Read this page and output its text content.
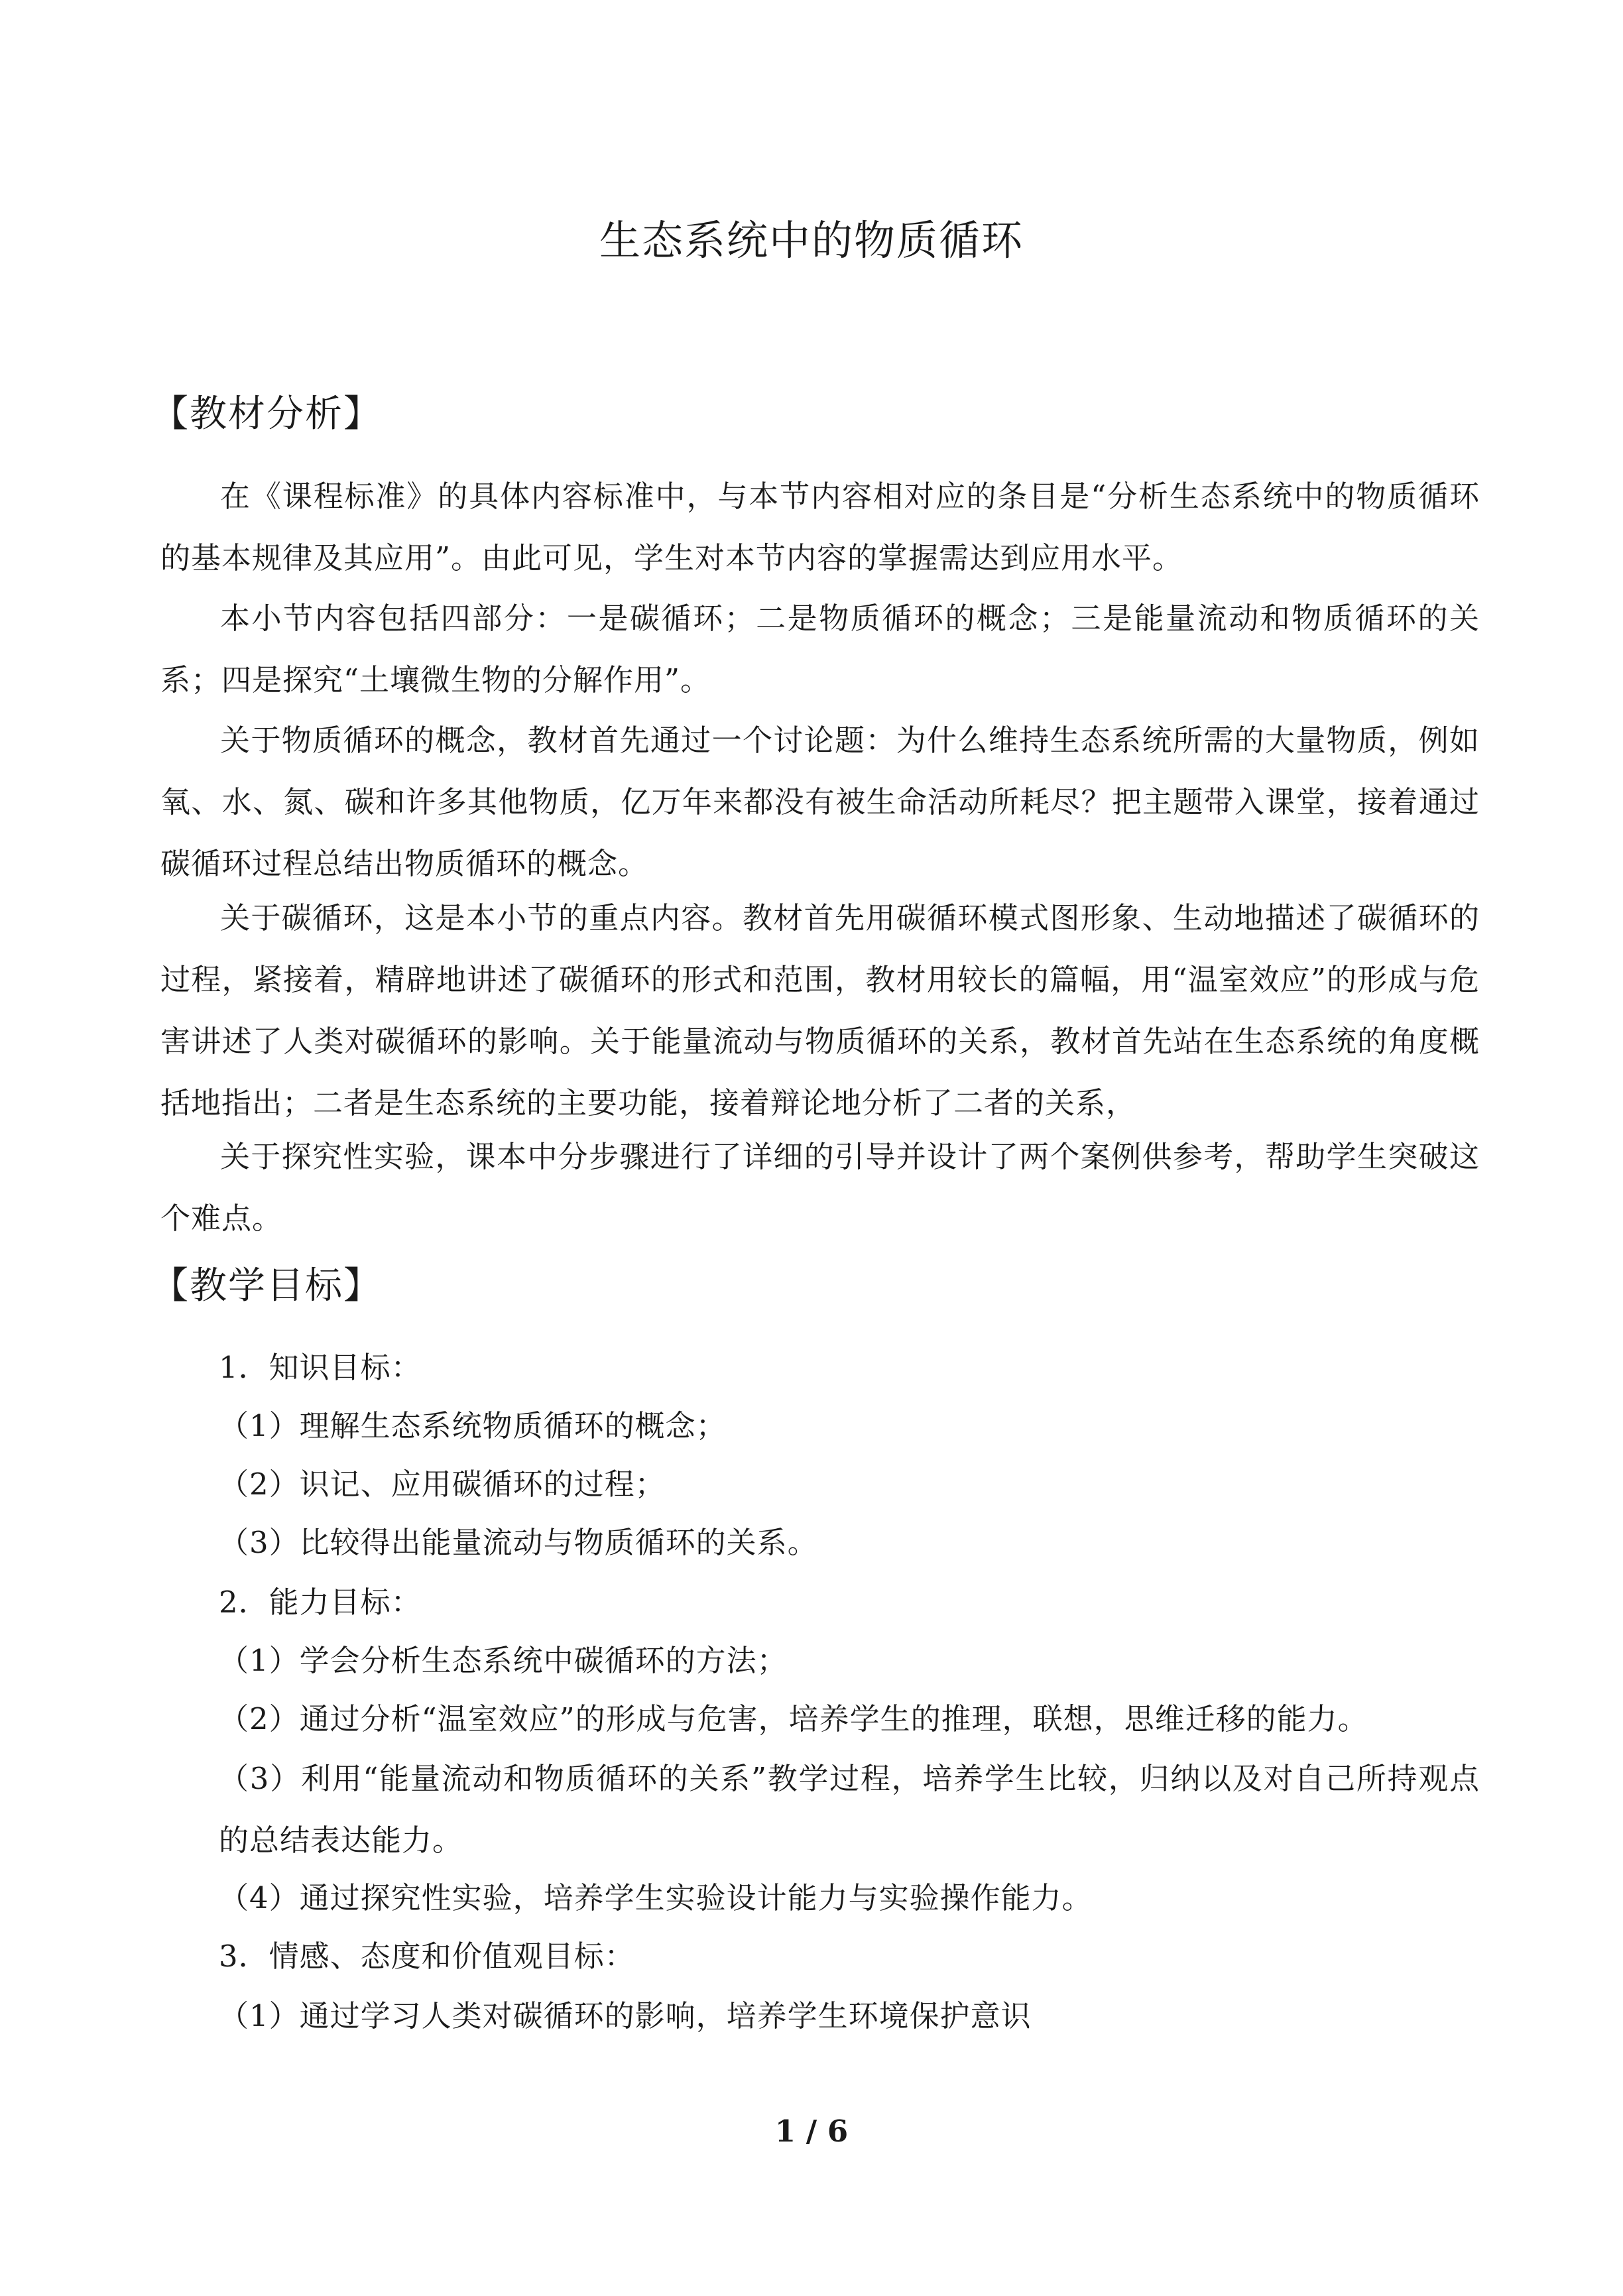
生态系统中的物质循环
【教材分析】
在《课程标准》的具体内容标准中，与本节内容相对应的条目是“分析生态系统中的物质循环的基本规律及其应用”。由此可见，学生对本节内容的掌握需达到应用水平。
本小节内容包括四部分：一是碳循环；二是物质循环的概念；三是能量流动和物质循环的关系；四是探究“土壤微生物的分解作用”。
关于物质循环的概念，教材首先通过一个讨论题：为什么维持生态系统所需的大量物质，例如氧、水、氮、碳和许多其他物质，亿万年来都没有被生命活动所耗尽？把主题带入课堂，接着通过碳循环过程总结出物质循环的概念。
关于碳循环，这是本小节的重点内容。教材首先用碳循环模式图形象、生动地描述了碳循环的过程，紧接着，精辟地讲述了碳循环的形式和范围，教材用较长的篇幅，用“温室效应”的形成与危害讲述了人类对碳循环的影响。关于能量流动与物质循环的关系，教材首先站在生态系统的角度概括地指出；二者是生态系统的主要功能，接着辩论地分析了二者的关系，
关于探究性实验，课本中分步骤进行了详细的引导并设计了两个案例供参考，帮助学生突破这个难点。
【教学目标】
1．知识目标：
（1）理解生态系统物质循环的概念；
（2）识记、应用碳循环的过程；
（3）比较得出能量流动与物质循环的关系。
2．能力目标：
（1）学会分析生态系统中碳循环的方法；
（2）通过分析“温室效应”的形成与危害，培养学生的推理，联想，思维迁移的能力。
（3）利用“能量流动和物质循环的关系”教学过程，培养学生比较，归纳以及对自己所持观点的总结表达能力。
（4）通过探究性实验，培养学生实验设计能力与实验操作能力。
3．情感、态度和价值观目标：
（1）通过学习人类对碳循环的影响，培养学生环境保护意识
1 / 6
